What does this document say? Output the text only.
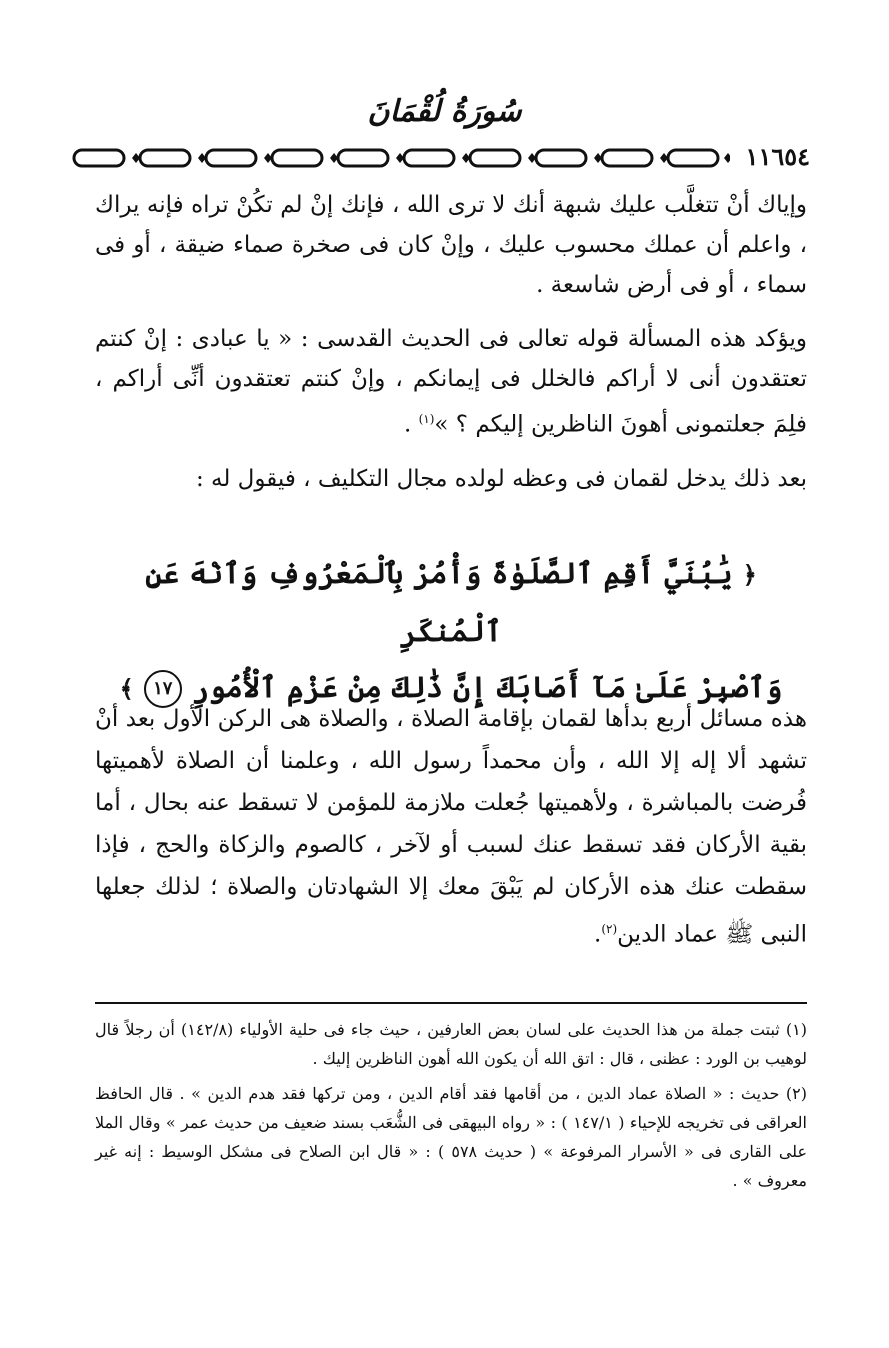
سُورَةُ لُقْمَانَ
١١٦٥٤

وإياك أنْ تتغلَّب عليك شبهة أنك لا ترى الله ، فإنك إنْ لم تكُنْ تراه فإنه يراك ، واعلم أن عملك محسوب عليك ، وإنْ كان فى صخرة صماء ضيقة ، أو فى سماء ، أو فى أرض شاسعة .

ويؤكد هذه المسألة قوله تعالى فى الحديث القدسى : « يا عبادى : إنْ كنتم تعتقدون أنى لا أراكم فالخلل فى إيمانكم ، وإنْ كنتم تعتقدون أنِّى أراكم ، فلِمَ جعلتمونى أهونَ الناظرين إليكم ؟ »$^{(١)}$ .

بعد ذلك يدخل لقمان فى وعظه لولده مجال التكليف ، فيقول له :

﴿ يَٰبُنَيَّ أَقِمِ ٱلصَّلَوٰةَ وَأْمُرْ بِٱلْمَعْرُوفِ وَٱنْهَ عَنِ ٱلْمُنكَرِ
وَٱصْبِرْ عَلَىٰ مَآ أَصَابَكَ إِنَّ ذَٰلِكَ مِنْ عَزْمِ ٱلْأُمُورِ ١٧ ﴾
هذه مسائل أربع بدأها لقمان بإقامة الصلاة ، والصلاة هى الركن الأول بعد أنْ تشهد ألا إله إلا الله ، وأن محمداً رسول الله ، وعلمنا أن الصلاة لأهميتها فُرضت بالمباشرة ، ولأهميتها جُعلت ملازمة للمؤمن لا تسقط عنه بحال ، أما بقية الأركان فقد تسقط عنك لسبب أو لآخر ، كالصوم والزكاة والحج ، فإذا سقطت عنك هذه الأركان لم يَبْقَ معك إلا الشهادتان والصلاة ؛ لذلك جعلها النبى ﷺ عماد الدين$^{(٢)}$.

(١) ثبتت جملة من هذا الحديث على لسان بعض العارفين ، حيث جاء فى حلية الأولياء (١٤٢/٨) أن رجلاً قال لوهيب بن الورد : عظنى ، قال : اتق الله أن يكون الله أهون الناظرين إليك .

(٢) حديث : « الصلاة عماد الدين ، من أقامها فقد أقام الدين ، ومن تركها فقد هدم الدين » . قال الحافظ العراقى فى تخريجه للإحياء ( ١٤٧/١ ) : « رواه البيهقى فى الشُّعَب بسند ضعيف من حديث عمر » وقال الملا على القارى فى « الأسرار المرفوعة » ( حديث ٥٧٨ ) : « قال ابن الصلاح فى مشكل الوسيط : إنه غير معروف » .
